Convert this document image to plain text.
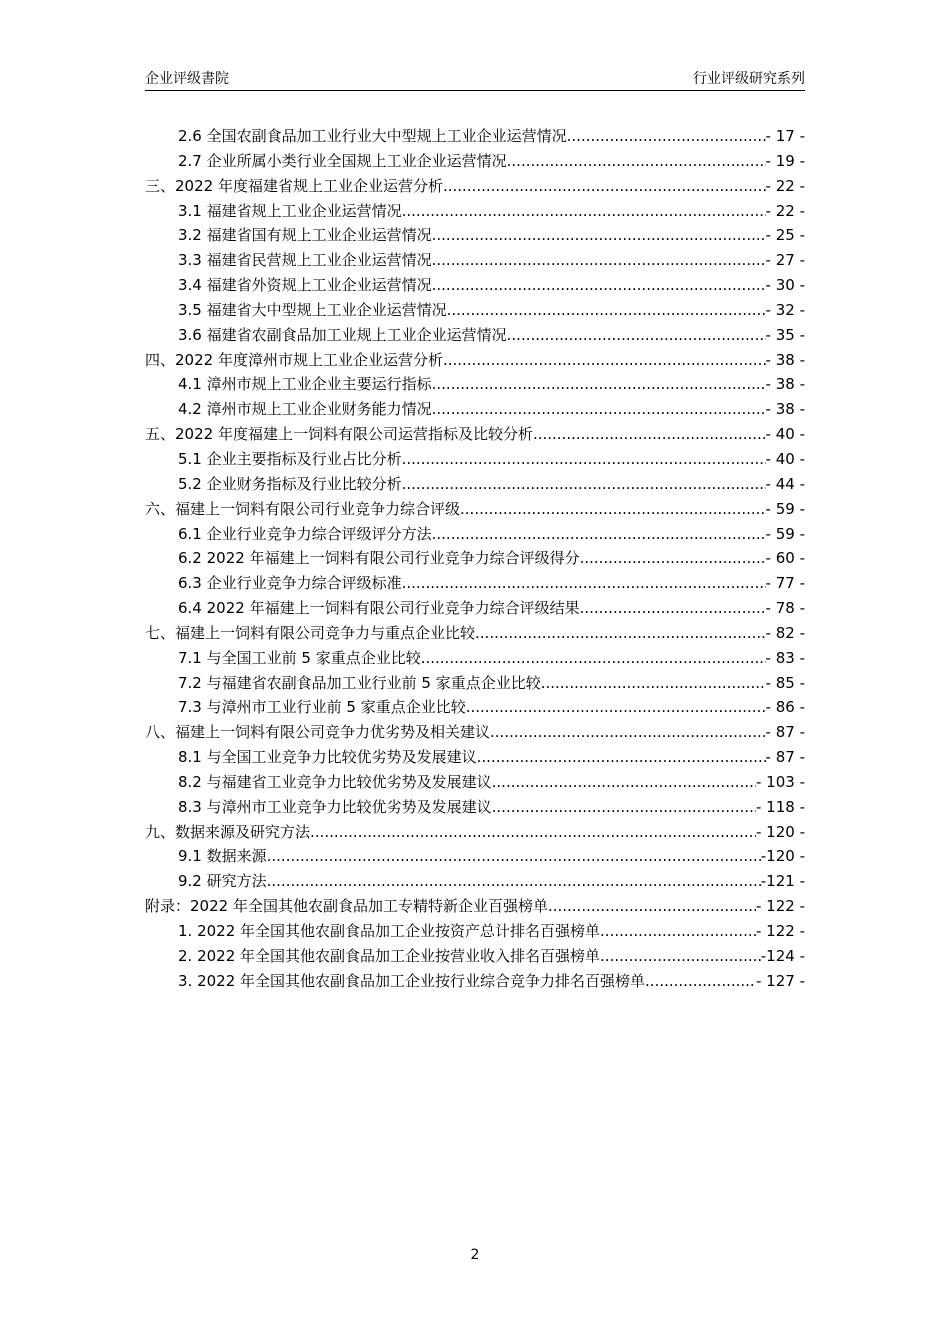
企业评级書院	行业评级研究系列
2.6 全国农副食品加工业行业大中型规上工业企业运营情况 .....	- 17 -
2.7 企业所属小类行业全国规上工业企业运营情况 .....	- 19 -
三、2022 年度福建省规上工业企业运营分析 .....	- 22 -
3.1 福建省规上工业企业运营情况 .....	- 22 -
3.2 福建省国有规上工业企业运营情况 .....	- 25 -
3.3 福建省民营规上工业企业运营情况 .....	- 27 -
3.4 福建省外资规上工业企业运营情况 .....	- 30 -
3.5 福建省大中型规上工业企业运营情况 .....	- 32 -
3.6 福建省农副食品加工业规上工业企业运营情况 .....	- 35 -
四、2022 年度漳州市规上工业企业运营分析 .....	- 38 -
4.1 漳州市规上工业企业主要运行指标 .....	- 38 -
4.2 漳州市规上工业企业财务能力情况 .....	- 38 -
五、2022 年度福建上一饲料有限公司运营指标及比较分析 .....	- 40 -
5.1 企业主要指标及行业占比分析 .....	- 40 -
5.2 企业财务指标及行业比较分析 .....	- 44 -
六、福建上一饲料有限公司行业竞争力综合评级 .....	- 59 -
6.1 企业行业竞争力综合评级评分方法 .....	- 59 -
6.2 2022 年福建上一饲料有限公司行业竞争力综合评级得分 .....	- 60 -
6.3 企业行业竞争力综合评级标准 .....	- 77 -
6.4 2022 年福建上一饲料有限公司行业竞争力综合评级结果 .....	- 78 -
七、福建上一饲料有限公司竞争力与重点企业比较 .....	- 82 -
7.1 与全国工业前 5 家重点企业比较 .....	- 83 -
7.2 与福建省农副食品加工业行业前 5 家重点企业比较 .....	- 85 -
7.3 与漳州市工业行业前 5 家重点企业比较 .....	- 86 -
八、福建上一饲料有限公司竞争力优劣势及相关建议 .....	- 87 -
8.1 与全国工业竞争力比较优劣势及发展建议 .....	- 87 -
8.2 与福建省工业竞争力比较优劣势及发展建议 .....	- 103 -
8.3 与漳州市工业竞争力比较优劣势及发展建议 .....	- 118 -
九、数据来源及研究方法 .....	- 120 -
9.1 数据来源 .....	-120 -
9.2 研究方法 .....	-121 -
附录：2022 年全国其他农副食品加工专精特新企业百强榜单 .....	- 122 -
1. 2022 年全国其他农副食品加工企业按资产总计排名百强榜单 .....	- 122 -
2. 2022 年全国其他农副食品加工企业按营业收入排名百强榜单 .....	-124 -
3. 2022 年全国其他农副食品加工企业按行业综合竞争力排名百强榜单 .....	- 127 -
2
